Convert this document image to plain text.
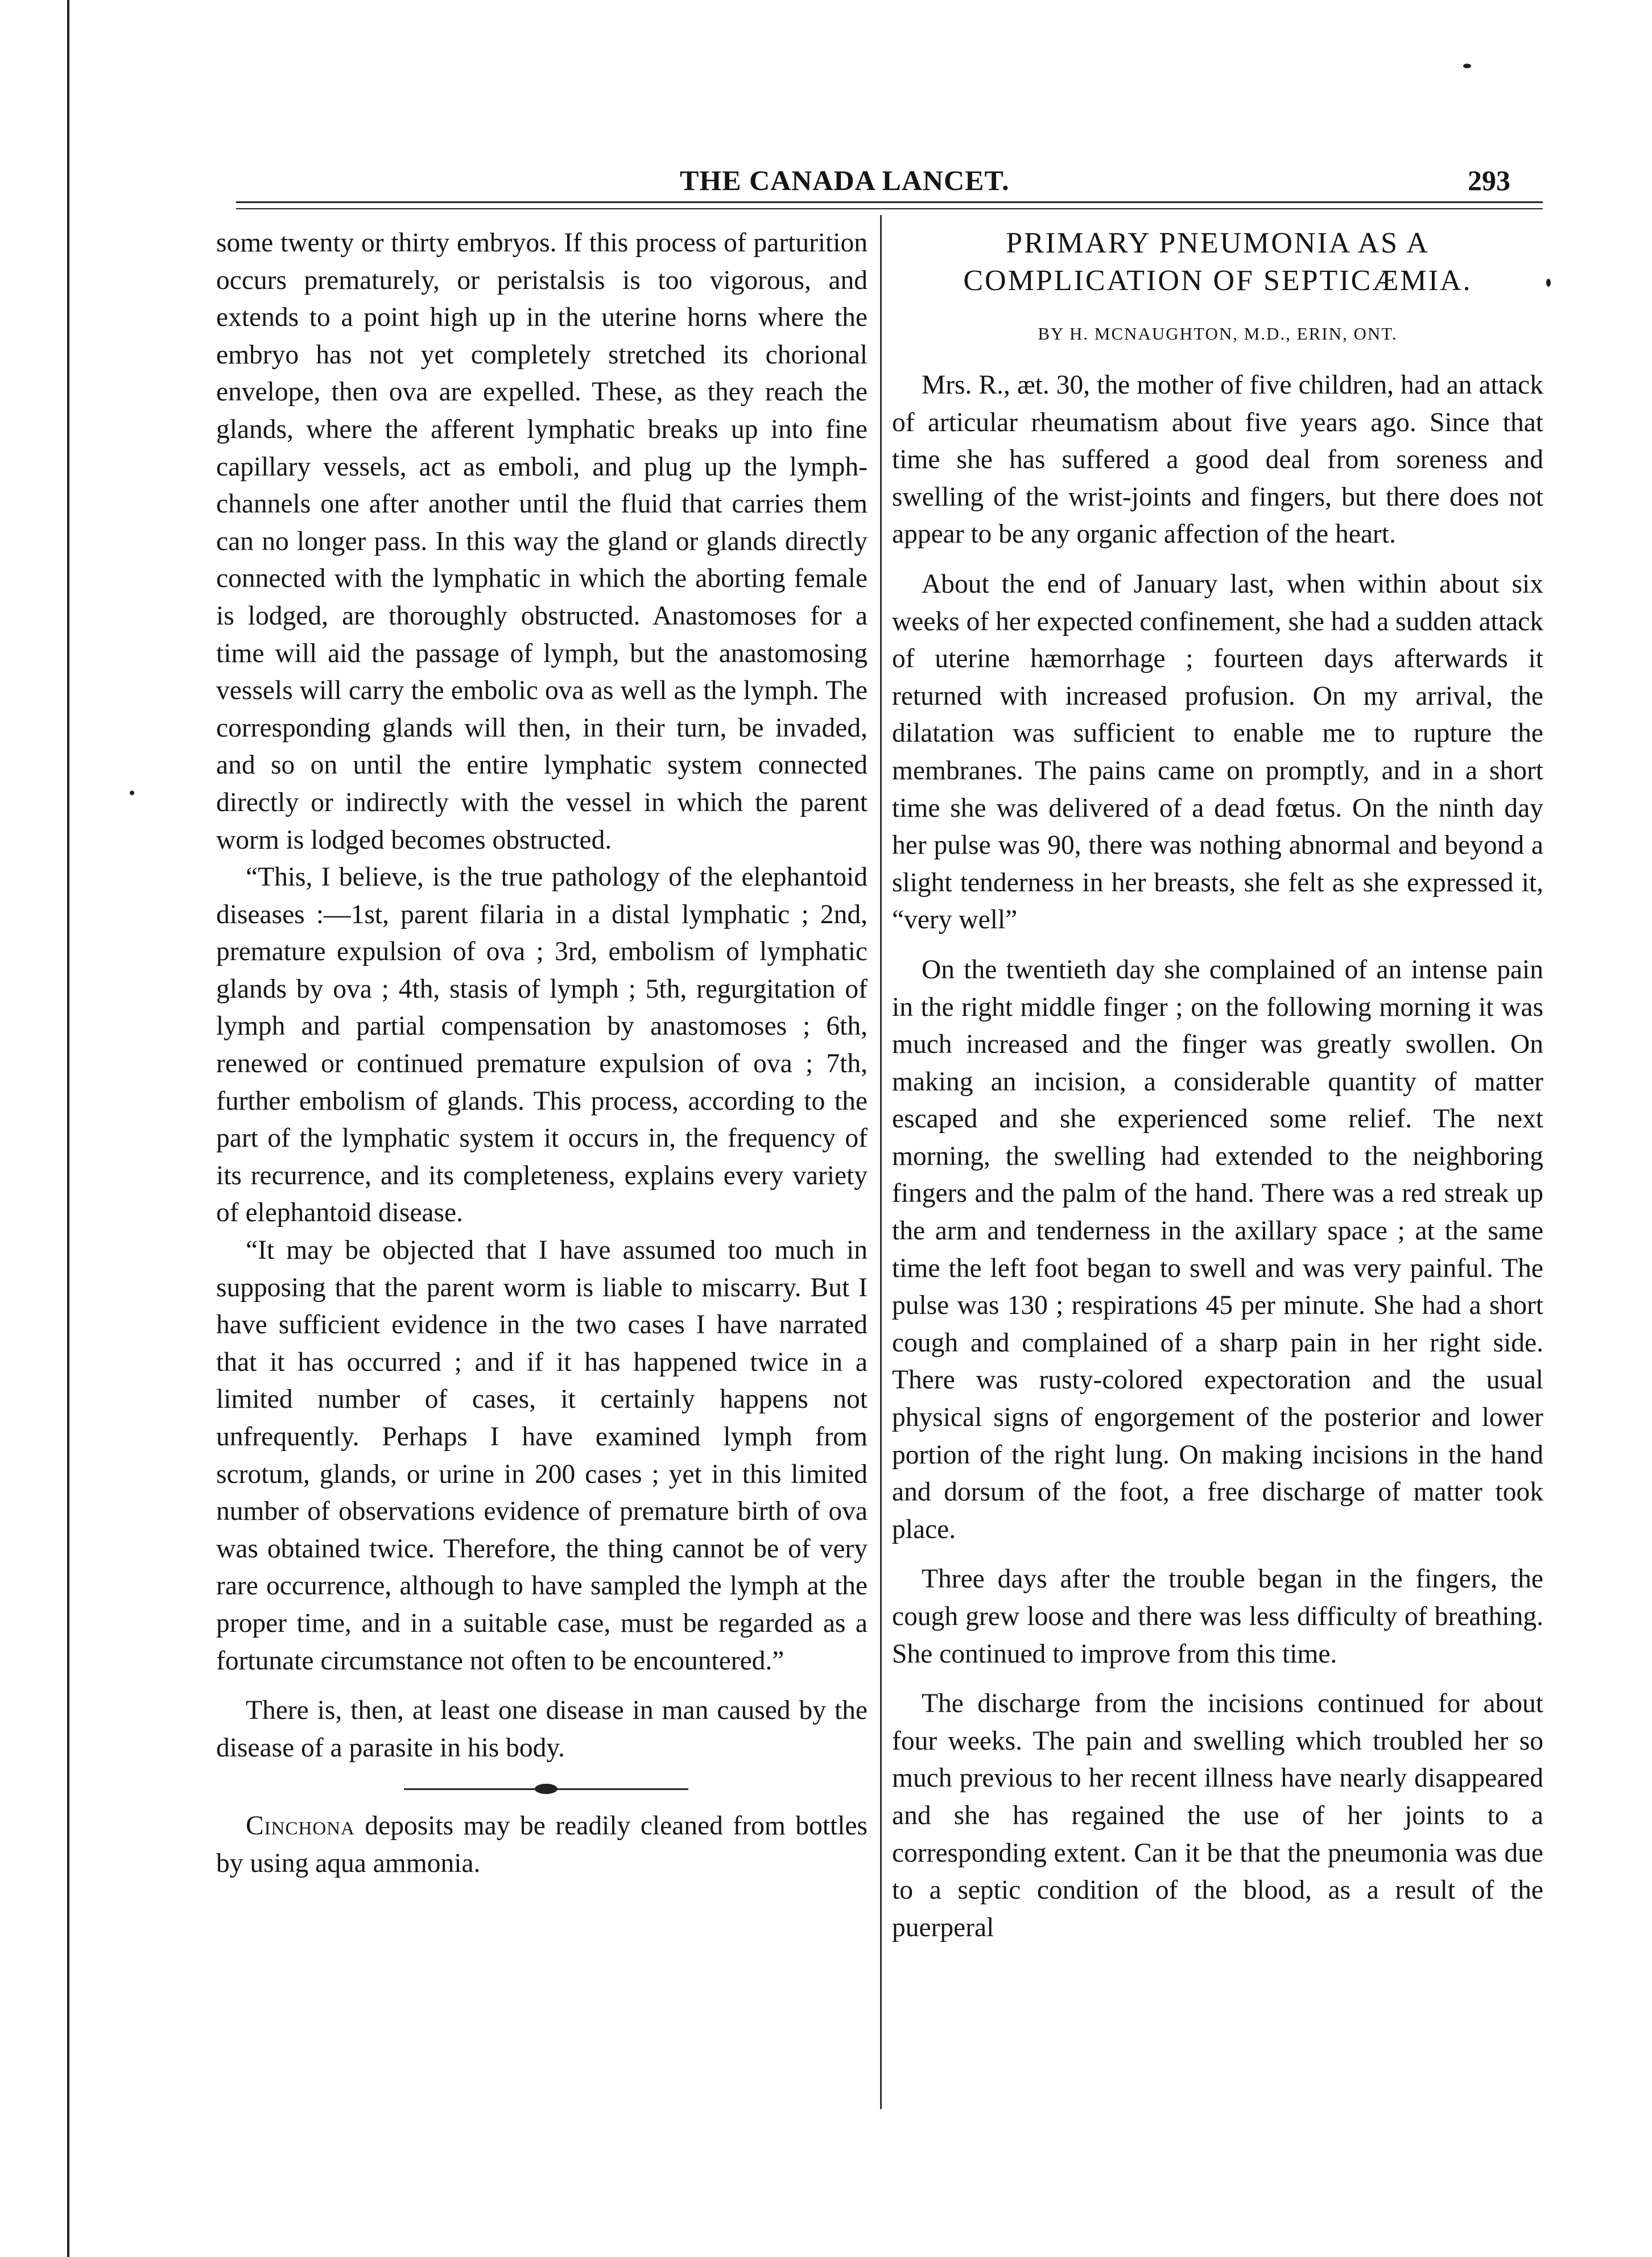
THE CANADA LANCET.	293

some twenty or thirty embryos. If this process of parturition occurs prematurely, or peristalsis is too vigorous, and extends to a point high up in the uterine horns where the embryo has not yet completely stretched its chorional envelope, then ova are expelled. These, as they reach the glands, where the afferent lymphatic breaks up into fine capillary vessels, act as emboli, and plug up the lymph-channels one after another until the fluid that carries them can no longer pass. In this way the gland or glands directly connected with the lymphatic in which the aborting female is lodged, are thoroughly obstructed. Anastomoses for a time will aid the passage of lymph, but the anastomosing vessels will carry the embolic ova as well as the lymph. The corresponding glands will then, in their turn, be invaded, and so on until the entire lymphatic system connected directly or indirectly with the vessel in which the parent worm is lodged becomes obstructed.

“This, I believe, is the true pathology of the elephantoid diseases :—1st, parent filaria in a distal lymphatic ; 2nd, premature expulsion of ova ; 3rd, embolism of lymphatic glands by ova ; 4th, stasis of lymph ; 5th, regurgitation of lymph and partial compensation by anastomoses ; 6th, renewed or continued premature expulsion of ova ; 7th, further embolism of glands. This process, according to the part of the lymphatic system it occurs in, the frequency of its recurrence, and its completeness, explains every variety of elephantoid disease.

“It may be objected that I have assumed too much in supposing that the parent worm is liable to miscarry. But I have sufficient evidence in the two cases I have narrated that it has occurred ; and if it has happened twice in a limited number of cases, it certainly happens not unfrequently. Perhaps I have examined lymph from scrotum, glands, or urine in 200 cases ; yet in this limited number of observations evidence of premature birth of ova was obtained twice. Therefore, the thing cannot be of very rare occurrence, although to have sampled the lymph at the proper time, and in a suitable case, must be regarded as a fortunate circumstance not often to be encountered.”

There is, then, at least one disease in man caused by the disease of a parasite in his body.

Cinchona deposits may be readily cleaned from bottles by using aqua ammonia.

PRIMARY PNEUMONIA AS A COMPLICATION OF SEPTICÆMIA.
BY H. MCNAUGHTON, M.D., ERIN, ONT.

Mrs. R., æt. 30, the mother of five children, had an attack of articular rheumatism about five years ago. Since that time she has suffered a good deal from soreness and swelling of the wrist-joints and fingers, but there does not appear to be any organic affection of the heart.

About the end of January last, when within about six weeks of her expected confinement, she had a sudden attack of uterine hæmorrhage ; fourteen days afterwards it returned with increased profusion. On my arrival, the dilatation was sufficient to enable me to rupture the membranes. The pains came on promptly, and in a short time she was delivered of a dead fœtus. On the ninth day her pulse was 90, there was nothing abnormal and beyond a slight tenderness in her breasts, she felt as she expressed it, “very well”

On the twentieth day she complained of an intense pain in the right middle finger ; on the following morning it was much increased and the finger was greatly swollen. On making an incision, a considerable quantity of matter escaped and she experienced some relief. The next morning, the swelling had extended to the neighboring fingers and the palm of the hand. There was a red streak up the arm and tenderness in the axillary space ; at the same time the left foot began to swell and was very painful. The pulse was 130 ; respirations 45 per minute. She had a short cough and complained of a sharp pain in her right side. There was rusty-colored expectoration and the usual physical signs of engorgement of the posterior and lower portion of the right lung. On making incisions in the hand and dorsum of the foot, a free discharge of matter took place.

Three days after the trouble began in the fingers, the cough grew loose and there was less difficulty of breathing. She continued to improve from this time.

The discharge from the incisions continued for about four weeks. The pain and swelling which troubled her so much previous to her recent illness have nearly disappeared and she has regained the use of her joints to a corresponding extent. Can it be that the pneumonia was due to a septic condition of the blood, as a result of the puerperal
